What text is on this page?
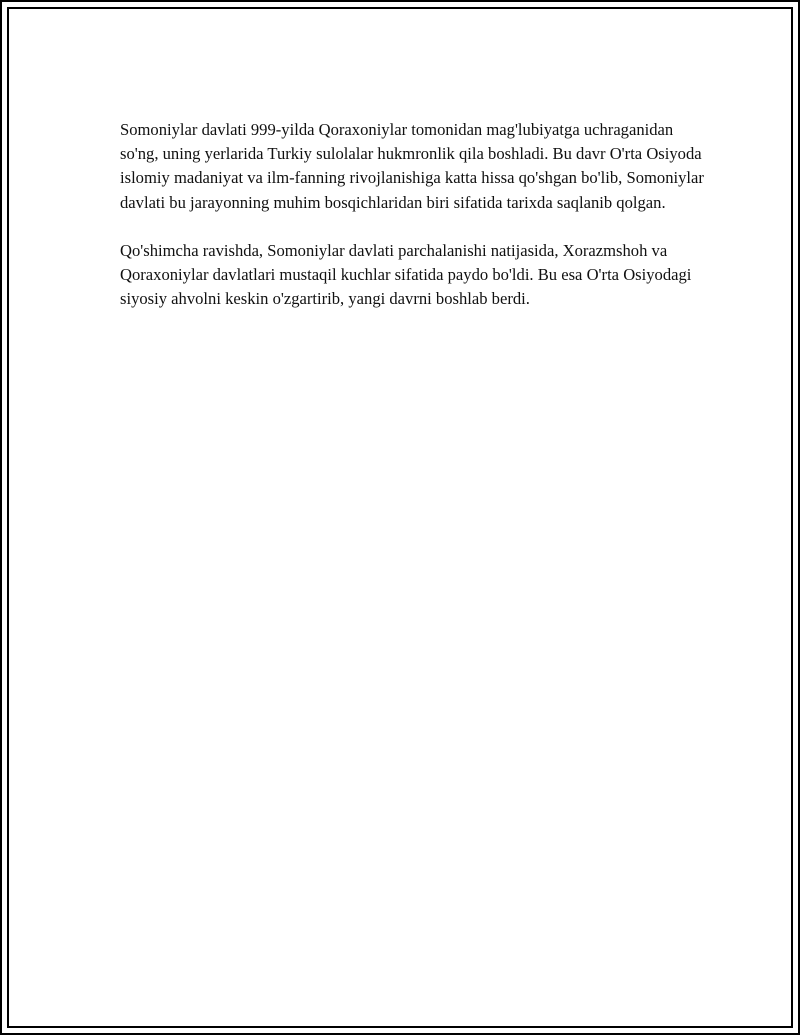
Somoniylar davlati 999-yilda Qoraxoniylar tomonidan mag'lubiyatga uchraganidan so'ng, uning yerlarida Turkiy sulolalar hukmronlik qila boshladi. Bu davr O'rta Osiyoda islomiy madaniyat va ilm-fanning rivojlanishiga katta hissa qo'shgan bo'lib, Somoniylar davlati bu jarayonning muhim bosqichlaridan biri sifatida tarixda saqlanib qolgan.

Qo'shimcha ravishda, Somoniylar davlati parchalanishi natijasida, Xorazmshoh va Qoraxoniylar davlatlari mustaqil kuchlar sifatida paydo bo'ldi. Bu esa O'rta Osiyodagi siyosiy ahvolni keskin o'zgartirib, yangi davrni boshlab berdi.
